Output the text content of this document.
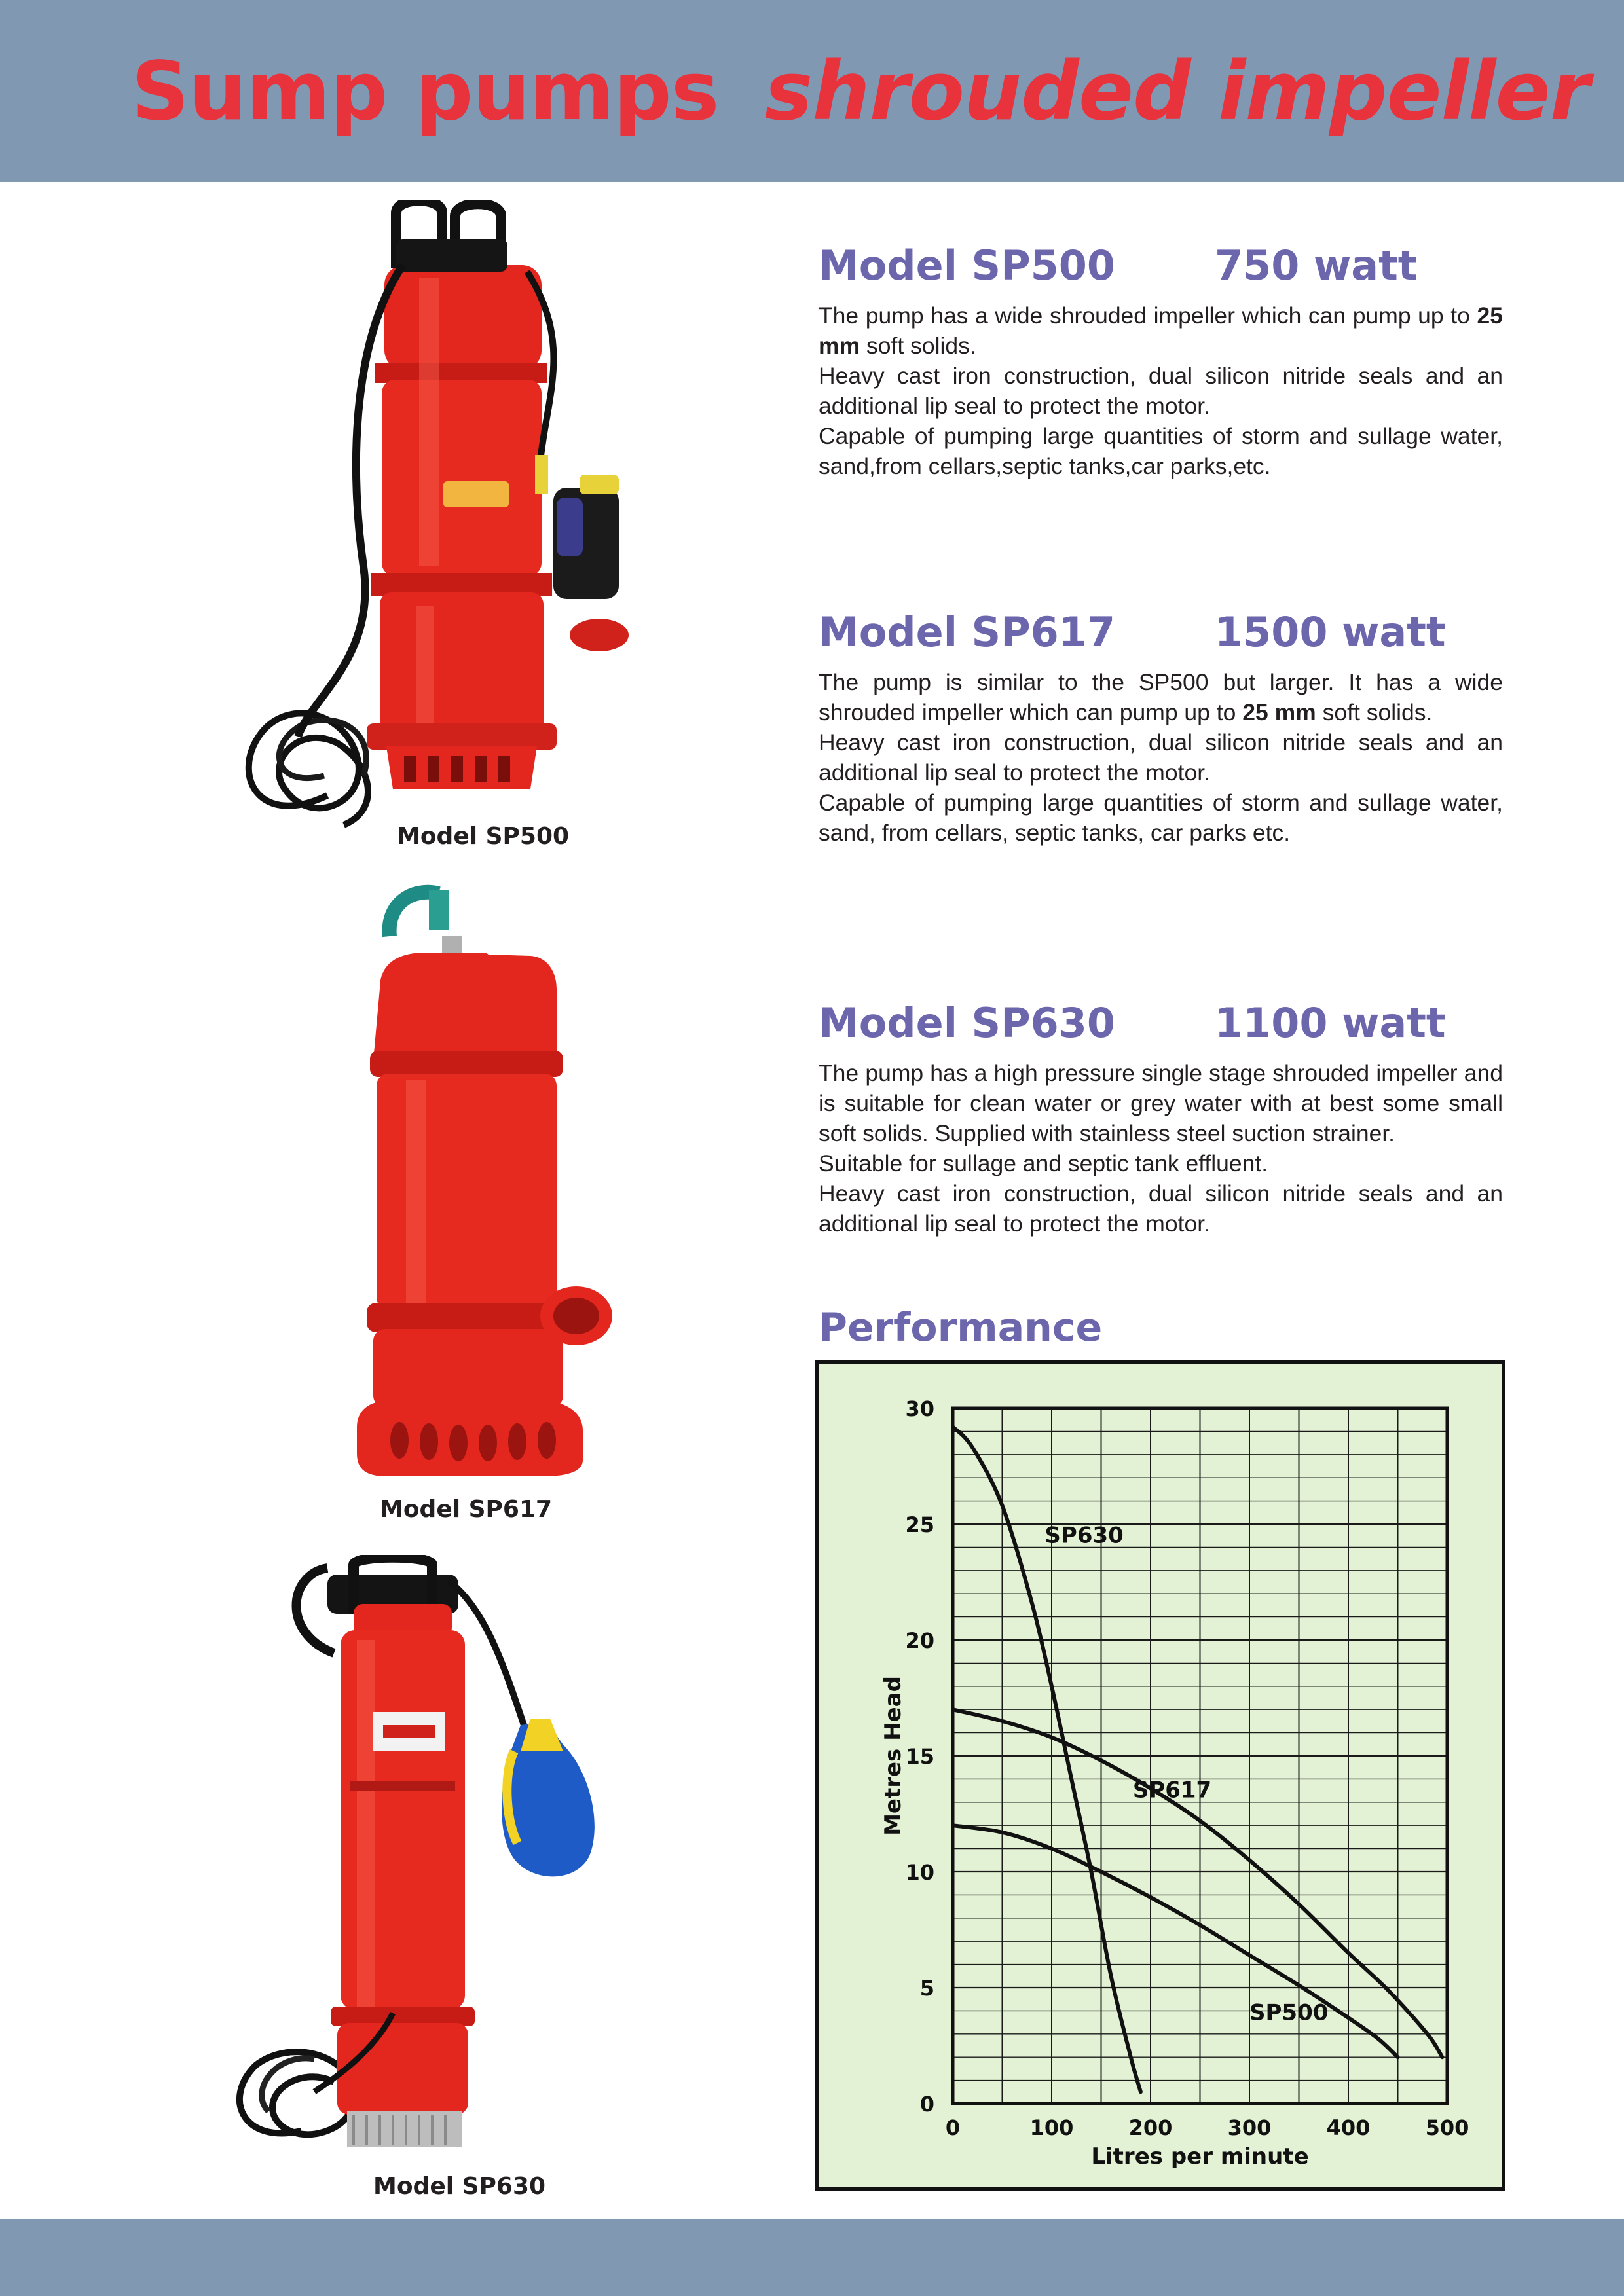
Sump pumps shrouded impeller
Model SP500
Model SP617
Model SP630
Model SP500 750 watt

The pump has a wide shrouded impeller which can pump up to 25 mm soft solids.

Heavy cast iron construction, dual silicon nitride seals and an additional lip seal to protect the motor.

Capable of pumping large quantities of storm and sullage water, sand,from cellars,septic tanks,car parks,etc.

Model SP617 1500 watt

The pump is similar to the SP500 but larger. It has a wide shrouded impeller which can pump up to 25 mm soft solids.

Heavy cast iron construction, dual silicon nitride seals and an additional lip seal to protect the motor.

Capable of pumping large quantities of storm and sullage water, sand, from cellars, septic tanks, car parks etc.

Model SP630 1100 watt

The pump has a high pressure single stage shrouded impeller and is suitable for clean water or grey water with at best some small soft solids. Supplied with stainless steel suction strainer.

Suitable for sullage and septic tank effluent.

Heavy cast iron construction, dual silicon nitride seals and an additional lip seal to protect the motor.

Performance
0
5
10
15
20
25
30
0	100	200	300	400	500
Litres per minute
Metres Head
SP630
SP617
SP500
